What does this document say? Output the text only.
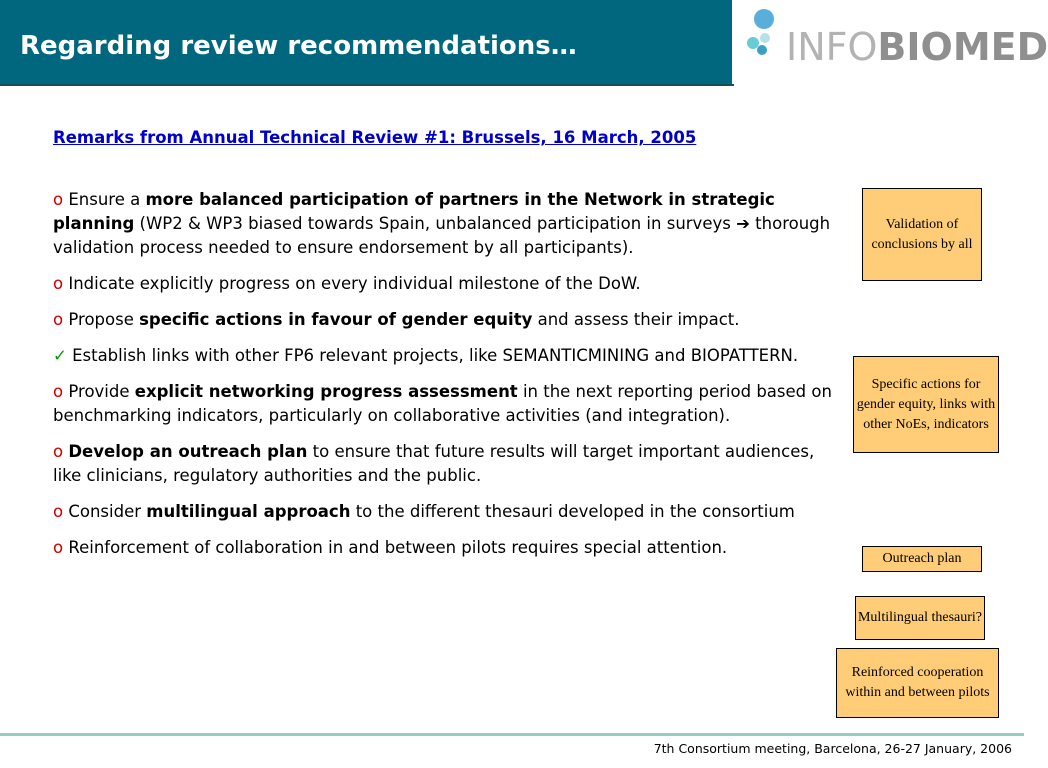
Regarding review recommendations…	INFOBIOMED
Remarks from Annual Technical Review #1: Brussels, 16 March, 2005
o Ensure a more balanced participation of partners in the Network in strategic planning (WP2 & WP3 biased towards Spain, unbalanced participation in surveys ➔ thorough validation process needed to ensure endorsement by all participants).
o Indicate explicitly progress on every individual milestone of the DoW.
o Propose specific actions in favour of gender equity and assess their impact.
✓ Establish links with other FP6 relevant projects, like SEMANTICMINING and BIOPATTERN.
o Provide explicit networking progress assessment in the next reporting period based on benchmarking indicators, particularly on collaborative activities (and integration).
o Develop an outreach plan to ensure that future results will target important audiences, like clinicians, regulatory authorities and the public.
o Consider multilingual approach to the different thesauri developed in the consortium
o Reinforcement of collaboration in and between pilots requires special attention.
Validation of conclusions by all
Specific actions for gender equity, links with other NoEs, indicators
Outreach plan
Multilingual thesauri?
Reinforced cooperation within and between pilots
7th Consortium meeting, Barcelona, 26-27 January, 2006
